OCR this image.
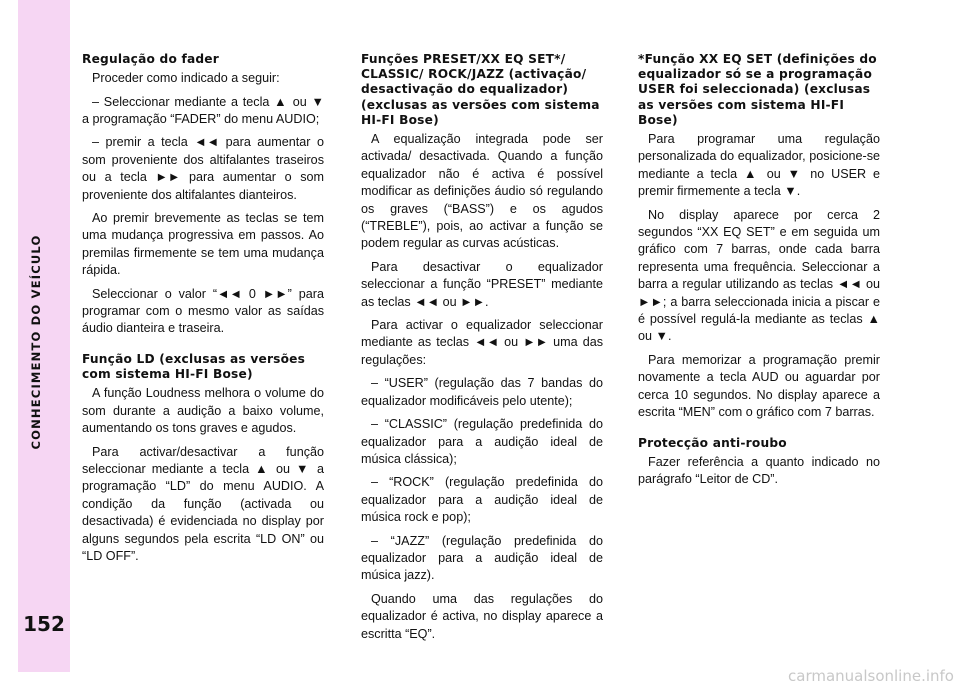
CONHECIMENTO DO VEÍCULO
152
Regulação do fader

Proceder como indicado a seguir:

– Seleccionar mediante a tecla ▲ ou ▼ a programação “FADER” do menu AUDIO;

– premir a tecla ◄◄ para aumentar o som proveniente dos altifalantes traseiros ou a tecla ►► para aumentar o som proveniente dos altifalantes dianteiros.

Ao premir brevemente as teclas se tem uma mudança progressiva em passos. Ao premilas firmemente se tem uma mudança rápida.

Seleccionar o valor “◄◄ 0 ►►” para programar com o mesmo valor as saídas áudio dianteira e traseira.

Função LD (exclusas as versões com sistema HI-FI Bose)

A função Loudness melhora o volume do som durante a audição a baixo volume, aumentando os tons graves e agudos.

Para activar/desactivar a função seleccionar mediante a tecla ▲ ou ▼ a programação “LD” do menu AUDIO. A condição da função (activada ou desactivada) é evidenciada no display por alguns segundos pela escrita “LD ON” ou “LD OFF”.

Funções PRESET/XX EQ SET*/ CLASSIC/ ROCK/JAZZ (activação/ desactivação do equalizador) (exclusas as versões com sistema HI-FI Bose)

A equalização integrada pode ser activada/ desactivada. Quando a função equalizador não é activa é possível modificar as definições áudio só regulando os graves (“BASS”) e os agudos (“TREBLE”), pois, ao activar a função se podem regular as curvas acústicas.

Para desactivar o equalizador seleccionar a função “PRESET” mediante as teclas ◄◄ ou ►►.

Para activar o equalizador seleccionar mediante as teclas ◄◄ ou ►► uma das regulações:

– “USER” (regulação das 7 bandas do equalizador modificáveis pelo utente);

– “CLASSIC” (regulação predefinida do equalizador para a audição ideal de música clássica);

– “ROCK” (regulação predefinida do equalizador para a audição ideal de música rock e pop);

– “JAZZ” (regulação predefinida do equalizador para a audição ideal de música jazz).

Quando uma das regulações do equalizador é activa, no display aparece a escritta “EQ”.

*Função XX EQ SET (definições do equalizador só se a programação USER foi seleccionada) (exclusas as versões com sistema HI-FI Bose)

Para programar uma regulação personalizada do equalizador, posicione-se mediante a tecla ▲ ou ▼ no USER e premir firmemente a tecla ▼.

No display aparece por cerca 2 segundos “XX EQ SET” e em seguida um gráfico com 7 barras, onde cada barra representa uma frequência. Seleccionar a barra a regular utilizando as teclas ◄◄ ou ►►; a barra seleccionada inicia a piscar e é possível regulá-la mediante as teclas ▲ ou ▼.

Para memorizar a programação premir novamente a tecla AUD ou aguardar por cerca 10 segundos. No display aparece a escrita “MEN” com o gráfico com 7 barras.

Protecção anti-roubo

Fazer referência a quanto indicado no parágrafo “Leitor de CD”.

carmanualsonline.info
